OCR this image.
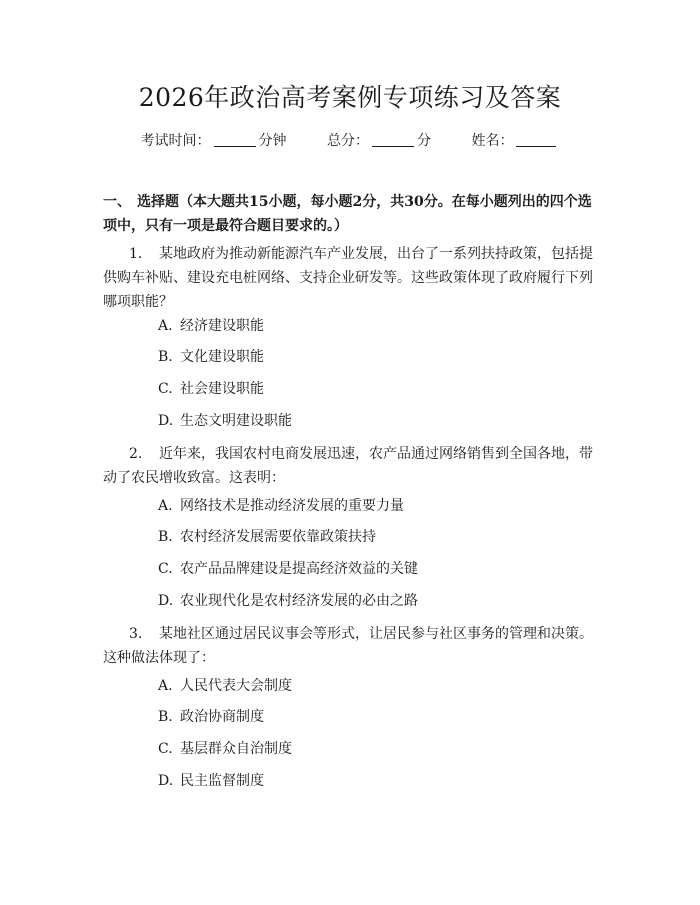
2026年政治高考案例专项练习及答案
考试时间：	分钟	总分：	分	姓名：
一、 选择题（本大题共15小题，每小题2分，共30分。在每小题列出的四个选项中，只有一项是最符合题目要求的。）
1. 某地政府为推动新能源汽车产业发展，出台了一系列扶持政策，包括提供购车补贴、建设充电桩网络、支持企业研发等。这些政策体现了政府履行下列哪项职能？
A. 经济建设职能
B. 文化建设职能
C. 社会建设职能
D. 生态文明建设职能
2. 近年来，我国农村电商发展迅速，农产品通过网络销售到全国各地，带动了农民增收致富。这表明：
A. 网络技术是推动经济发展的重要力量
B. 农村经济发展需要依靠政策扶持
C. 农产品品牌建设是提高经济效益的关键
D. 农业现代化是农村经济发展的必由之路
3. 某地社区通过居民议事会等形式，让居民参与社区事务的管理和决策。这种做法体现了：
A. 人民代表大会制度
B. 政治协商制度
C. 基层群众自治制度
D. 民主监督制度
